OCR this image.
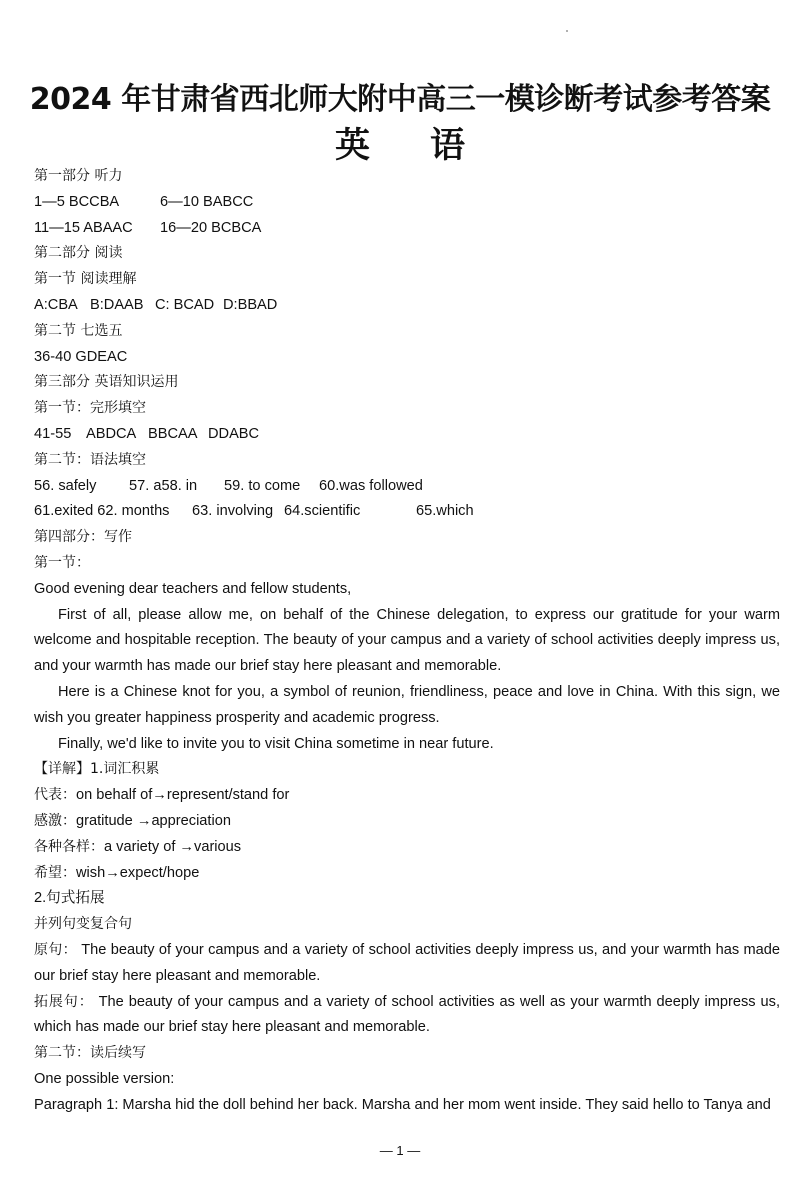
2024 年甘肃省西北师大附中高三一模诊断考试参考答案
英 语
第一部分 听力
1—5 BCCBA	6—10 BABCC
11—15 ABAAC 16—20 BCBCA
第二部分 阅读
第一节 阅读理解
A:CBA B:DAAB C: BCAD D:BBAD
第二节 七选五
36-40 GDEAC
第三部分 英语知识运用
第一节：完形填空
41-55 ABDCA BBCAA DDABC
第二节：语法填空
56. safely 57. a58. in 59. to come 60.was followed
61.exited 62. months 63. involving 64.scientific	65.which
第四部分：写作
第一节：
Good evening dear teachers and fellow students,
First of all, please allow me, on behalf of the Chinese delegation, to express our gratitude for your warm welcome and hospitable reception. The beauty of your campus and a variety of school activities deeply impress us, and your warmth has made our brief stay here pleasant and memorable.
Here is a Chinese knot for you, a symbol of reunion, friendliness, peace and love in China. With this sign, we wish you greater happiness prosperity and academic progress.
Finally, we'd like to invite you to visit China sometime in near future.
【详解】1.词汇积累
代表：on behalf of→represent/stand for
感激：gratitude →appreciation
各种各样：a variety of →various
希望：wish→expect/hope
2.句式拓展
并列句变复合句
原句： The beauty of your campus and a variety of school activities deeply impress us, and your warmth has made our brief stay here pleasant and memorable.
拓展句： The beauty of your campus and a variety of school activities as well as your warmth deeply impress us, which has made our brief stay here pleasant and memorable.
第二节：读后续写
One possible version:
Paragraph 1: Marsha hid the doll behind her back. Marsha and her mom went inside. They said hello to Tanya and
— 1 —
